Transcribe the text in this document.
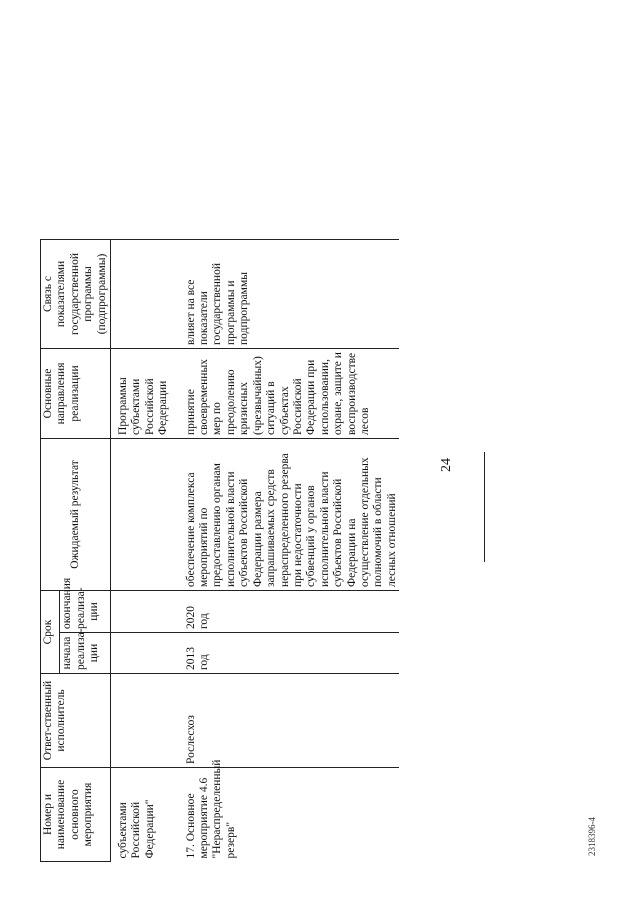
24
2318396-4
Номер и наименование основного мероприятия	Ответ-ственный исполнитель	Срок		Ожидаемый результат	Основные направления реализации	Связь с показателями государственной программы (подпрограммы)	
		начала реализа-ции	окончания реализа-ции				
субъектами Российской Федерации"					Программы субъектами Российской Федерации		
17. Основное мероприятие 4.6 "Нераспределенный резерв"	Рослесхоз	2013 год	2020 год	обеспечение комплекса мероприятий по предоставлению органам исполнительной власти субъектов Российской Федерации размера запрашиваемых средств нераспределенного резерва при недостаточности субвенций у органов исполнительной власти субъектов Российской Федерации на осуществление отдельных полномочий в области лесных отношений	принятие своевременных мер по преодолению кризисных (чрезвычайных) ситуаций в субъектах Российской Федерации при использовании, охране, защите и воспроизводстве лесов	влияет на все показатели государственной программы и подпрограммы	
